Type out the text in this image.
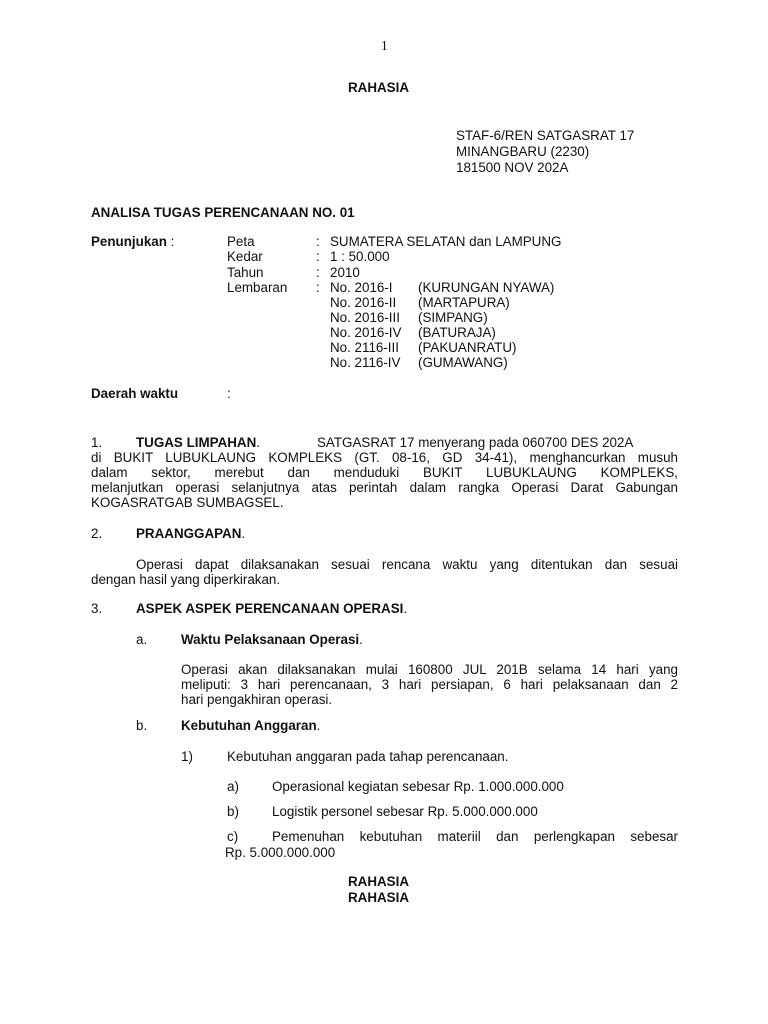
1
RAHASIA
STAF-6/REN SATGASRAT 17
MINANGBARU (2230)
181500 NOV 202A
ANALISA TUGAS PERENCANAAN NO. 01
Penunjukan :	Peta	: SUMATERA SELATAN dan LAMPUNG
Kedar	: 1 : 50.000
Tahun	: 2010
Lembaran : No. 2016-I (KURUNGAN NYAWA)
No. 2016-II (MARTAPURA)
No. 2016-III (SIMPANG)
No. 2016-IV (BATURAJA)
No. 2116-III (PAKUANRATU)
No. 2116-IV (GUMAWANG)
Daerah waktu	:
1.	TUGAS LIMPAHAN.	SATGASRAT 17 menyerang pada 060700 DES 202A
di BUKIT LUBUKLAUNG KOMPLEKS (GT. 08-16, GD 34-41), menghancurkan musuh
dalam sektor, merebut dan menduduki BUKIT LUBUKLAUNG KOMPLEKS,
melanjutkan operasi selanjutnya atas perintah dalam rangka Operasi Darat Gabungan
KOGASRATGAB SUMBAGSEL.
2.	PRAANGGAPAN.
Operasi dapat dilaksanakan sesuai rencana waktu yang ditentukan dan sesuai
dengan hasil yang diperkirakan.
3.	ASPEK ASPEK PERENCANAAN OPERASI.
a.	Waktu Pelaksanaan Operasi.
Operasi akan dilaksanakan mulai 160800 JUL 201B selama 14 hari yang
meliputi: 3 hari perencanaan, 3 hari persiapan, 6 hari pelaksanaan dan 2
hari pengakhiran operasi.
b.	Kebutuhan Anggaran.
1)	Kebutuhan anggaran pada tahap perencanaan.
a) Operasional kegiatan sebesar Rp. 1.000.000.000
b) Logistik personel sebesar Rp. 5.000.000.000
c)	Pemenuhan kebutuhan materiil dan perlengkapan sebesar
Rp. 5.000.000.000
RAHASIA
RAHASIA
